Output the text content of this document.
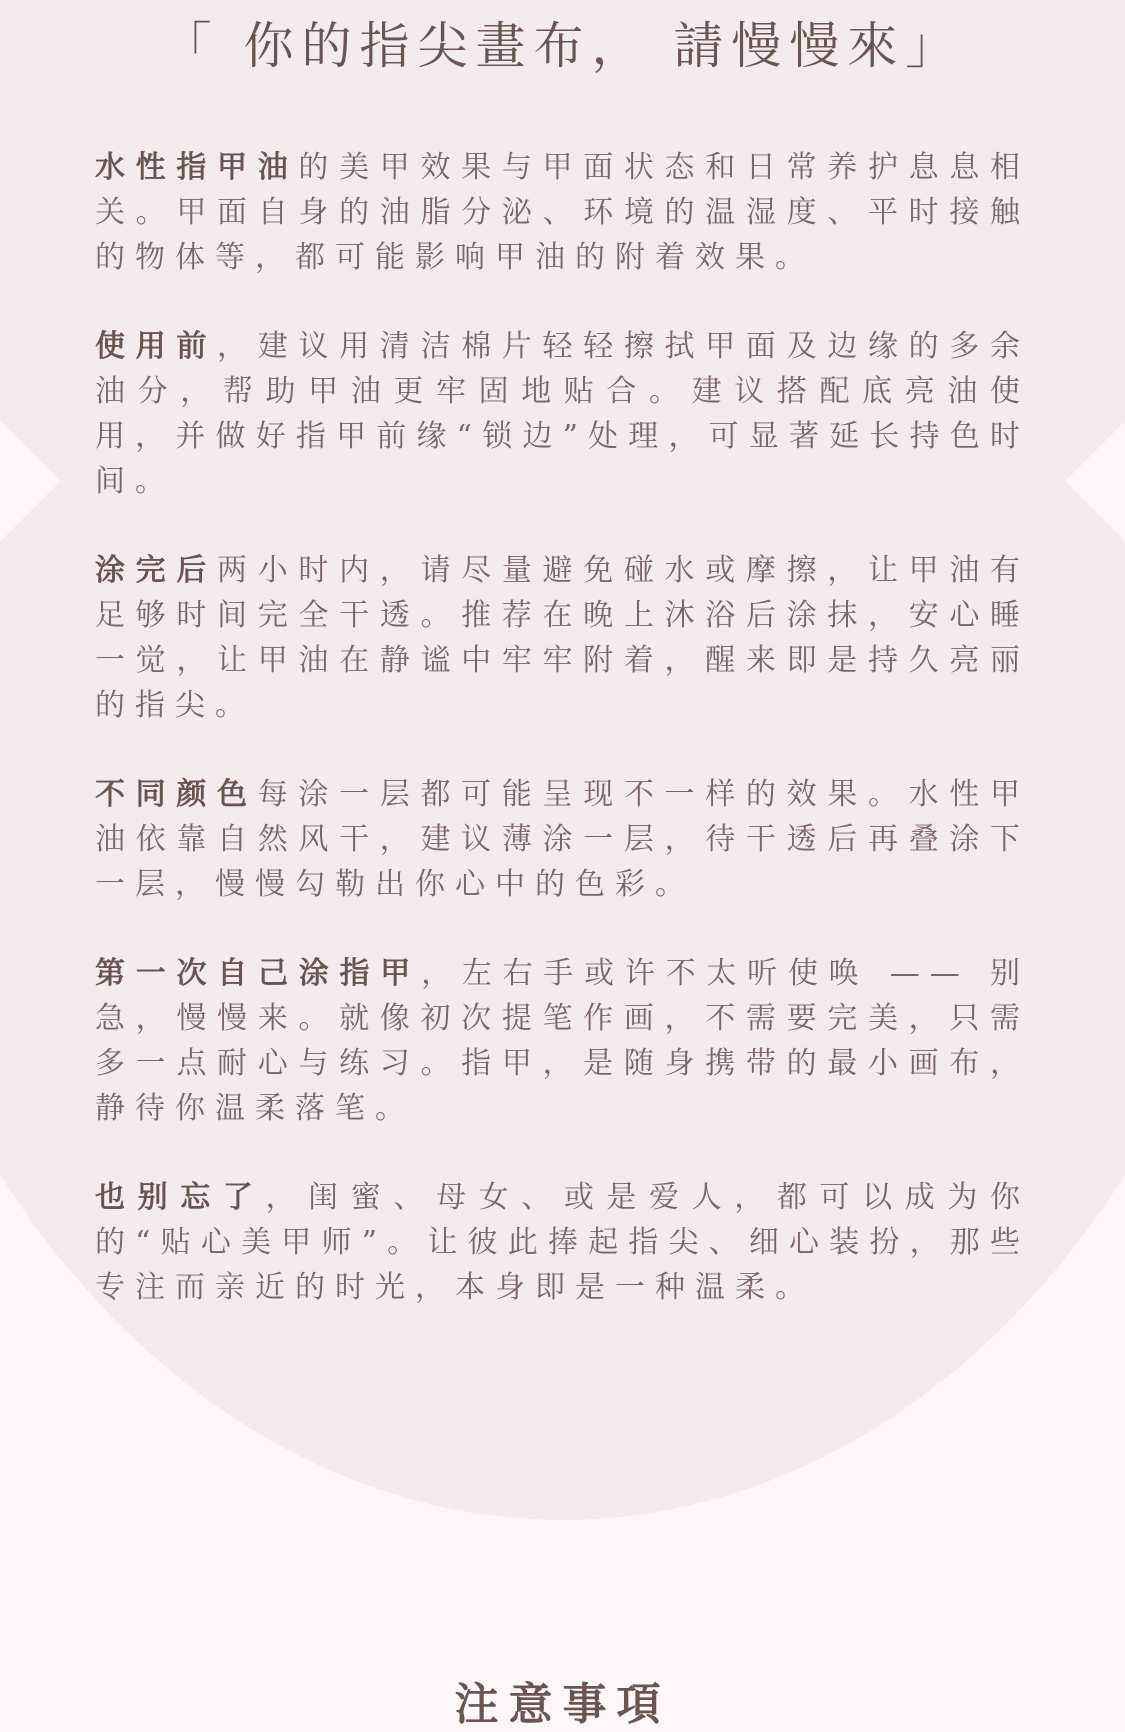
「 你的指尖畫布， 請慢慢來」

水性指甲油的美甲效果与甲面状态和日常养护息息相关。甲面自身的油脂分泌、环境的温湿度、平时接触的物体等，都可能影响甲油的附着效果。

使用前，建议用清洁棉片轻轻擦拭甲面及边缘的多余油分，帮助甲油更牢固地贴合。建议搭配底亮油使用，并做好指甲前缘“锁边”处理，可显著延长持色时间。

涂完后两小时内，请尽量避免碰水或摩擦，让甲油有足够时间完全干透。推荐在晚上沐浴后涂抹，安心睡一觉，让甲油在静谧中牢牢附着，醒来即是持久亮丽的指尖。

不同颜色每涂一层都可能呈现不一样的效果。水性甲油依靠自然风干，建议薄涂一层，待干透后再叠涂下一层，慢慢勾勒出你心中的色彩。

第一次自己涂指甲，左右手或许不太听使唤 —— 别急，慢慢来。就像初次提笔作画，不需要完美，只需多一点耐心与练习。指甲，是随身携带的最小画布，静待你温柔落笔。

也别忘了，闺蜜、母女、或是爱人，都可以成为你的“贴心美甲师”。让彼此捧起指尖、细心装扮，那些专注而亲近的时光，本身即是一种温柔。

注意事項
